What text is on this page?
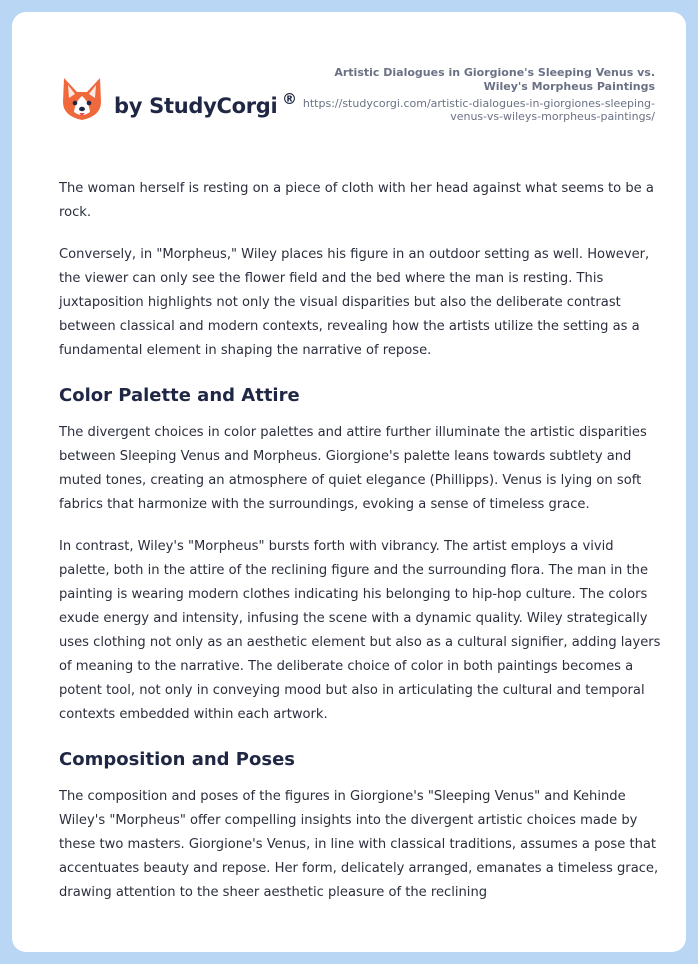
by StudyCorgi ®
Artistic Dialogues in Giorgione's Sleeping Venus vs. Wiley's Morpheus Paintings
https://studycorgi.com/artistic-dialogues-in-giorgiones-sleeping-venus-vs-wileys-morpheus-paintings/

The woman herself is resting on a piece of cloth with her head against what seems to be a rock.

Conversely, in "Morpheus," Wiley places his figure in an outdoor setting as well. However, the viewer can only see the flower field and the bed where the man is resting. This juxtaposition highlights not only the visual disparities but also the deliberate contrast between classical and modern contexts, revealing how the artists utilize the setting as a fundamental element in shaping the narrative of repose.

Color Palette and Attire

The divergent choices in color palettes and attire further illuminate the artistic disparities between Sleeping Venus and Morpheus. Giorgione's palette leans towards subtlety and muted tones, creating an atmosphere of quiet elegance (Phillipps). Venus is lying on soft fabrics that harmonize with the surroundings, evoking a sense of timeless grace.

In contrast, Wiley's "Morpheus" bursts forth with vibrancy. The artist employs a vivid palette, both in the attire of the reclining figure and the surrounding flora. The man in the painting is wearing modern clothes indicating his belonging to hip-hop culture. The colors exude energy and intensity, infusing the scene with a dynamic quality. Wiley strategically uses clothing not only as an aesthetic element but also as a cultural signifier, adding layers of meaning to the narrative. The deliberate choice of color in both paintings becomes a potent tool, not only in conveying mood but also in articulating the cultural and temporal contexts embedded within each artwork.

Composition and Poses

The composition and poses of the figures in Giorgione's "Sleeping Venus" and Kehinde Wiley's "Morpheus" offer compelling insights into the divergent artistic choices made by these two masters. Giorgione's Venus, in line with classical traditions, assumes a pose that accentuates beauty and repose. Her form, delicately arranged, emanates a timeless grace, drawing attention to the sheer aesthetic pleasure of the reclining
